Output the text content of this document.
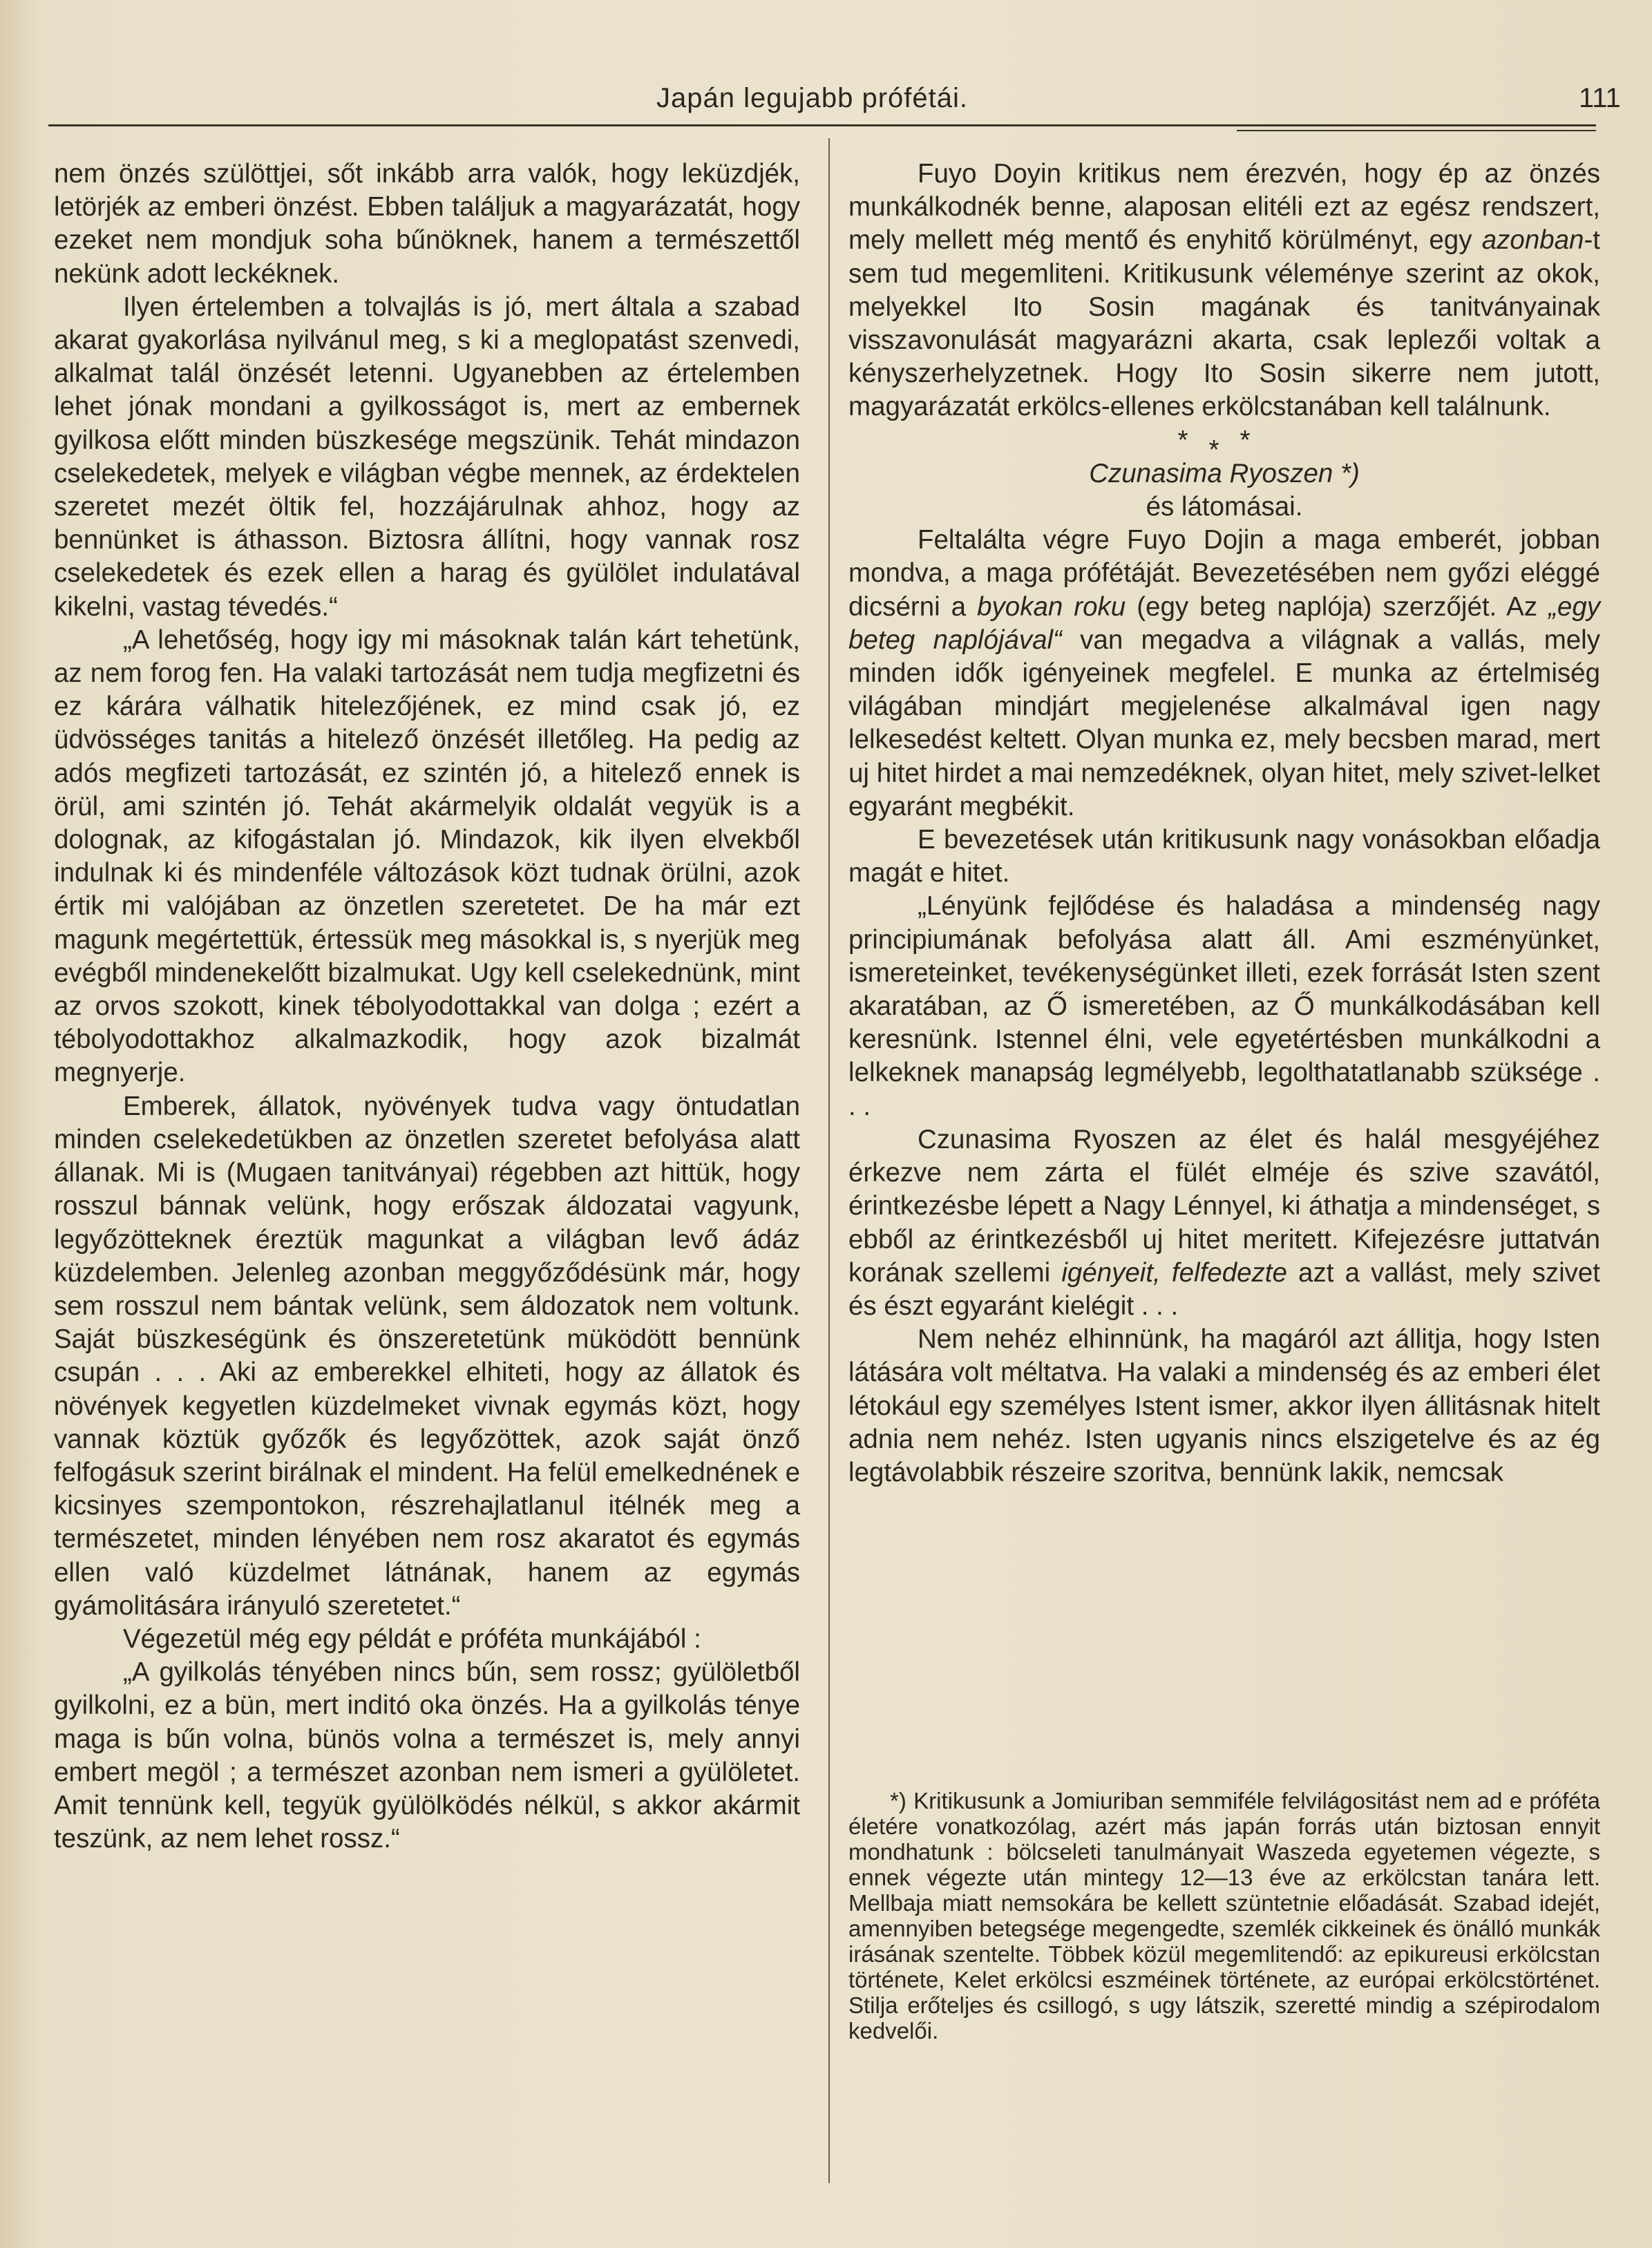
Japán legujabb prófétái.	111

nem önzés szülöttjei, sőt inkább arra valók, hogy leküzdjék, letörjék az emberi önzést. Ebben találjuk a magyarázatát, hogy ezeket nem mondjuk soha bűnöknek, hanem a természettől nekünk adott leckéknek.

Ilyen értelemben a tolvajlás is jó, mert általa a szabad akarat gyakorlása nyilvánul meg, s ki a meglopatást szenvedi, alkalmat talál önzését letenni. Ugyanebben az értelemben lehet jónak mondani a gyilkosságot is, mert az embernek gyilkosa előtt minden büszkesége megszünik. Tehát mindazon cselekedetek, melyek e világban végbe mennek, az érdektelen szeretet mezét öltik fel, hozzájárulnak ahhoz, hogy az bennünket is áthasson. Biztosra állítni, hogy vannak rosz cselekedetek és ezek ellen a harag és gyülölet indulatával kikelni, vastag tévedés.“

„A lehetőség, hogy igy mi másoknak talán kárt tehetünk, az nem forog fen. Ha valaki tartozását nem tudja megfizetni és ez kárára válhatik hitelezőjének, ez mind csak jó, ez üdvösséges tanitás a hitelező önzését illetőleg. Ha pedig az adós megfizeti tartozását, ez szintén jó, a hitelező ennek is örül, ami szintén jó. Tehát akármelyik oldalát vegyük is a dolognak, az kifogástalan jó. Mindazok, kik ilyen elvekből indulnak ki és mindenféle változások közt tudnak örülni, azok értik mi valójában az önzetlen szeretetet. De ha már ezt magunk megértettük, értessük meg másokkal is, s nyerjük meg evégből mindenekelőtt bizalmukat. Ugy kell cselekednünk, mint az orvos szokott, kinek tébolyodottakkal van dolga ; ezért a tébolyodottakhoz alkalmazkodik, hogy azok bizalmát megnyerje.

Emberek, állatok, nyövények tudva vagy öntudatlan minden cselekedetükben az önzetlen szeretet befolyása alatt állanak. Mi is (Mugaen tanitványai) régebben azt hittük, hogy rosszul bánnak velünk, hogy erőszak áldozatai vagyunk, legyőzötteknek éreztük magunkat a világban levő ádáz küzdelemben. Jelenleg azonban meggyőződésünk már, hogy sem rosszul nem bántak velünk, sem áldozatok nem voltunk. Saját büszkeségünk és önszeretetünk müködött bennünk csupán . . . Aki az emberekkel elhiteti, hogy az állatok és növények kegyetlen küzdelmeket vivnak egymás közt, hogy vannak köztük győzők és legyőzöttek, azok saját önző felfogásuk szerint birálnak el mindent. Ha felül emelkednének e kicsinyes szempontokon, részrehajlatlanul itélnék meg a természetet, minden lényében nem rosz akaratot és egymás ellen való küzdelmet látnának, hanem az egymás gyámolitására irányuló szeretetet.“

Végezetül még egy példát e próféta munkájából :

„A gyilkolás tényében nincs bűn, sem rossz; gyülöletből gyilkolni, ez a bün, mert inditó oka önzés. Ha a gyilkolás ténye maga is bűn volna, bünös volna a természet is, mely annyi embert megöl ; a természet azonban nem ismeri a gyülöletet. Amit tennünk kell, tegyük gyülölködés nélkül, s akkor akármit teszünk, az nem lehet rossz.“

Fuyo Doyin kritikus nem érezvén, hogy ép az önzés munkálkodnék benne, alaposan elitéli ezt az egész rendszert, mely mellett még mentő és enyhitő körülményt, egy azonban-t sem tud megemliteni. Kritikusunk véleménye szerint az okok, melyekkel Ito Sosin magának és tanitványainak visszavonulását magyarázni akarta, csak leplezői voltak a kényszerhelyzetnek. Hogy Ito Sosin sikerre nem jutott, magyarázatát erkölcs-ellenes erkölcstanában kell találnunk.

***

Czunasima Ryoszen *)

és látomásai.

Feltalálta végre Fuyo Dojin a maga emberét, jobban mondva, a maga prófétáját. Bevezetésében nem győzi eléggé dicsérni a byokan roku (egy beteg naplója) szerzőjét. Az „egy beteg naplójával“ van megadva a világnak a vallás, mely minden idők igényeinek megfelel. E munka az értelmiség világában mindjárt megjelenése alkalmával igen nagy lelkesedést keltett. Olyan munka ez, mely becsben marad, mert uj hitet hirdet a mai nemzedéknek, olyan hitet, mely szivet-lelket egyaránt megbékit.

E bevezetések után kritikusunk nagy vonásokban előadja magát e hitet.

„Lényünk fejlődése és haladása a mindenség nagy principiumának befolyása alatt áll. Ami eszményünket, ismereteinket, tevékenységünket illeti, ezek forrását Isten szent akaratában, az Ő ismeretében, az Ő munkálkodásában kell keresnünk. Istennel élni, vele egyetértésben munkálkodni a lelkeknek manapság legmélyebb, legolthatatlanabb szüksége . . .

Czunasima Ryoszen az élet és halál mesgyéjéhez érkezve nem zárta el fülét elméje és szive szavától, érintkezésbe lépett a Nagy Lénnyel, ki áthatja a mindenséget, s ebből az érintkezésből uj hitet meritett. Kifejezésre juttatván korának szellemi igényeit, felfedezte azt a vallást, mely szivet és észt egyaránt kielégit . . .

Nem nehéz elhinnünk, ha magáról azt állitja, hogy Isten látására volt méltatva. Ha valaki a mindenség és az emberi élet létokául egy személyes Istent ismer, akkor ilyen állitásnak hitelt adnia nem nehéz. Isten ugyanis nincs elszigetelve és az ég legtávolabbik részeire szoritva, bennünk lakik, nemcsak

*) Kritikusunk a Jomiuriban semmiféle felvilágositást nem ad e próféta életére vonatkozólag, azért más japán forrás után biztosan ennyit mondhatunk : bölcseleti tanulmányait Waszeda egyetemen végezte, s ennek végezte után mintegy 12—13 éve az erkölcstan tanára lett. Mellbaja miatt nemsokára be kellett szüntetnie előadását. Szabad idejét, amennyiben betegsége megengedte, szemlék cikkeinek és önálló munkák irásának szentelte. Többek közül megemlitendő: az epikureusi erkölcstan története, Kelet erkölcsi eszméinek története, az európai erkölcstörténet. Stilja erőteljes és csillogó, s ugy látszik, szeretté mindig a szépirodalom kedvelői.
